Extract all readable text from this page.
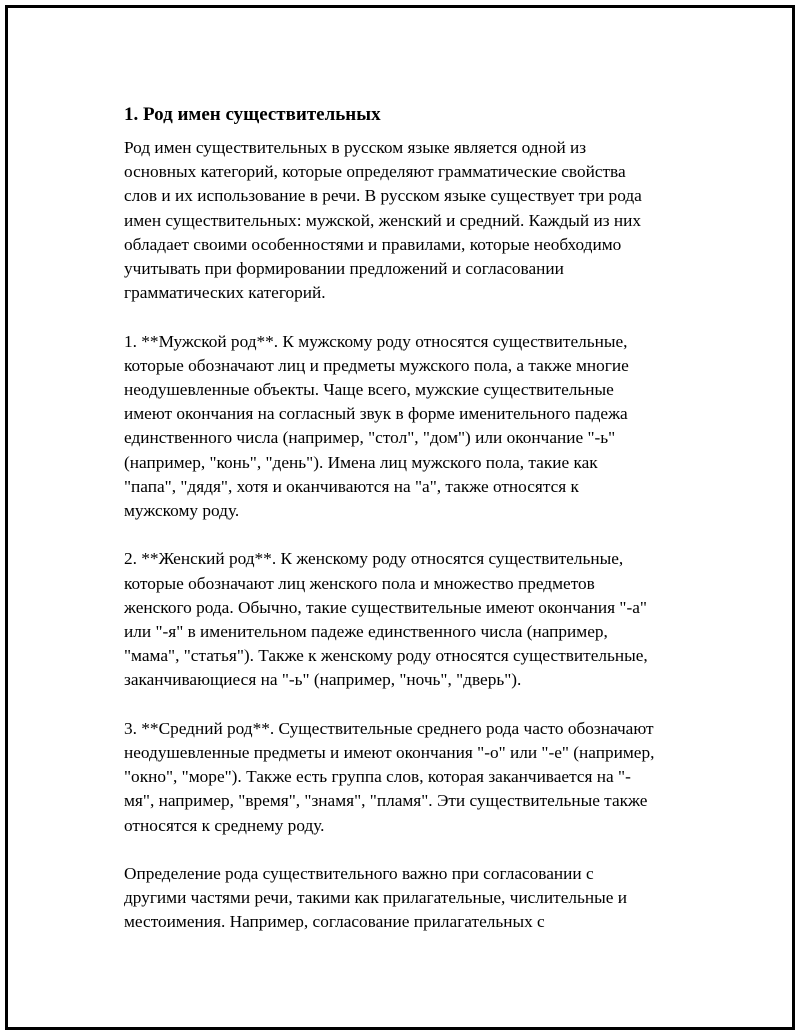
1. Род имен существительных

Род имен существительных в русском языке является одной из
основных категорий, которые определяют грамматические свойства
слов и их использование в речи. В русском языке существует три рода
имен существительных: мужской, женский и средний. Каждый из них
обладает своими особенностями и правилами, которые необходимо
учитывать при формировании предложений и согласовании
грамматических категорий.

1. **Мужской род**. К мужскому роду относятся существительные,
которые обозначают лиц и предметы мужского пола, а также многие
неодушевленные объекты. Чаще всего, мужские существительные
имеют окончания на согласный звук в форме именительного падежа
единственного числа (например, "стол", "дом") или окончание "-ь"
(например, "конь", "день"). Имена лиц мужского пола, такие как
"папа", "дядя", хотя и оканчиваются на "а", также относятся к
мужскому роду.

2. **Женский род**. К женскому роду относятся существительные,
которые обозначают лиц женского пола и множество предметов
женского рода. Обычно, такие существительные имеют окончания "-а"
или "-я" в именительном падеже единственного числа (например,
"мама", "статья"). Также к женскому роду относятся существительные,
заканчивающиеся на "-ь" (например, "ночь", "дверь").

3. **Средний род**. Существительные среднего рода часто обозначают
неодушевленные предметы и имеют окончания "-о" или "-е" (например,
"окно", "море"). Также есть группа слов, которая заканчивается на "-
мя", например, "время", "знамя", "пламя". Эти существительные также
относятся к среднему роду.

Определение рода существительного важно при согласовании с
другими частями речи, такими как прилагательные, числительные и
местоимения. Например, согласование прилагательных с
